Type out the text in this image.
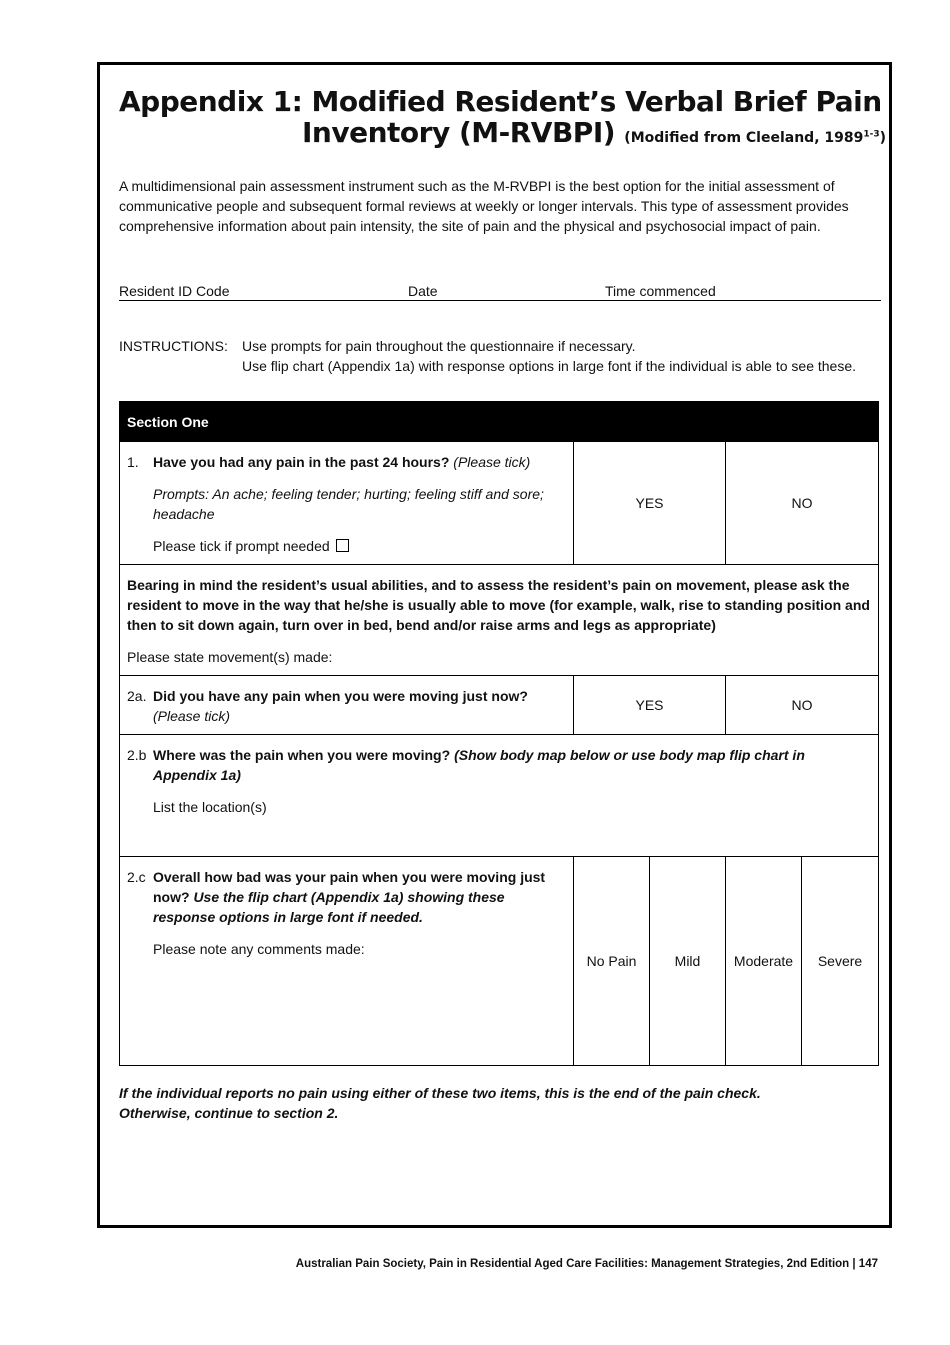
Appendix 1: Modified Resident’s Verbal Brief Pain
Inventory (M-RVBPI) (Modified from Cleeland, 1989$^{1-3}$)

A multidimensional pain assessment instrument such as the M-RVBPI is the best option for the initial assessment of communicative people and subsequent formal reviews at weekly or longer intervals. This type of assessment provides comprehensive information about pain intensity, the site of pain and the physical and psychosocial impact of pain.

Resident ID Code	Date	Time commenced
INSTRUCTIONS: Use prompts for pain throughout the questionnaire if necessary.
Use flip chart (Appendix 1a) with response options in large font if the individual is able to see these.
Section One				

1. Have you had any pain in the past 24 hours? (Please tick)
Prompts: An ache; feeling tender; hurting; feeling stiff and sore; headache
Please tick if prompt needed	YES		NO	

Bearing in mind the resident’s usual abilities, and to assess the resident’s pain on movement, please ask the resident to move in the way that he/she is usually able to move (for example, walk, rise to standing position and then to sit down again, turn over in bed, bend and/or raise arms and legs as appropriate)
Please state movement(s) made:				

2a. Did you have any pain when you were moving just now?
(Please tick)	YES		NO	

2.b Where was the pain when you were moving? (Show body map below or use body map flip chart in Appendix 1a)
List the location(s)				

2.c Overall how bad was your pain when you were moving just now? Use the flip chart (Appendix 1a) showing these response options in large font if needed.
Please note any comments made:	No Pain	Mild	Moderate	Severe
If the individual reports no pain using either of these two items, this is the end of the pain check.
Otherwise, continue to section 2.
Australian Pain Society, Pain in Residential Aged Care Facilities: Management Strategies, 2nd Edition | 147
